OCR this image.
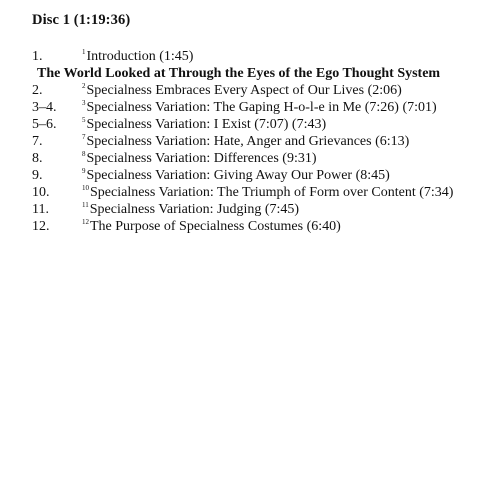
Disc 1 (1:19:36)
1.	$^1$Introduction (1:45)
The World Looked at Through the Eyes of the Ego Thought System
2.	$^2$Specialness Embraces Every Aspect of Our Lives (2:06)
3–4.	$^3$Specialness Variation: The Gaping H-o-l-e in Me (7:26) (7:01)
5–6.	$^5$Specialness Variation: I Exist (7:07) (7:43)
7.	$^7$Specialness Variation: Hate, Anger and Grievances (6:13)
8.	$^8$Specialness Variation: Differences (9:31)
9.	$^9$Specialness Variation: Giving Away Our Power (8:45)
10.	$^{10}$Specialness Variation: The Triumph of Form over Content (7:34)
11.	$^{11}$Specialness Variation: Judging (7:45)
12.	$^{12}$The Purpose of Specialness Costumes (6:40)
